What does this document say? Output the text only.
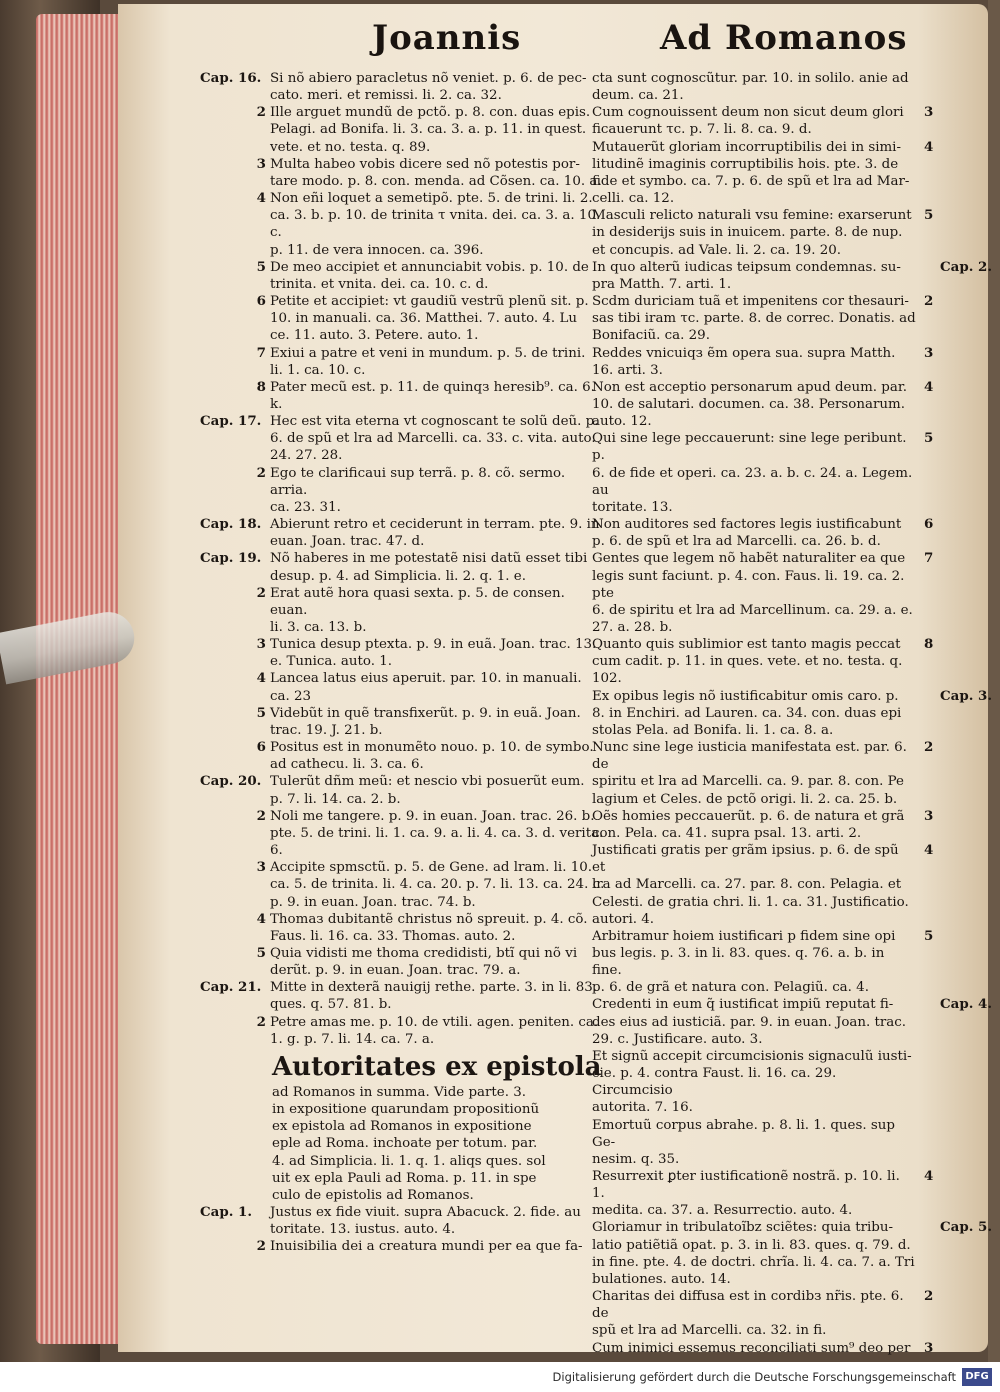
Joannis	Ad Romanos
Cap. 16. Si nõ abiero paracletus nõ veniet. p. 6. de pec-
cato. meri. et remissi. li. 2. ca. 32.
2 Ille arguet mundũ de pctõ. p. 8. con. duas epis.
Pelagi. ad Bonifa. li. 3. ca. 3. a. p. 11. in quest.
vete. et no. testa. q. 89.
3 Multa habeo vobis dicere sed nõ potestis por-
tare modo. p. 8. con. menda. ad Cõsen. ca. 10. a.
4 Non eñi loquet a semetipõ. pte. 5. de trini. li. 2.
ca. 3. b. p. 10. de trinita τ vnita. dei. ca. 3. a. 10. c.
p. 11. de vera innocen. ca. 396.
5 De meo accipiet et annunciabit vobis. p. 10. de
trinita. et vnita. dei. ca. 10. c. d.
6 Petite et accipiet: vt gaudiũ vestrũ plenũ sit. p.
10. in manuali. ca. 36. Matthei. 7. auto. 4. Lu
ce. 11. auto. 3. Petere. auto. 1.
7 Exiui a patre et veni in mundum. p. 5. de trini.
li. 1. ca. 10. c.
8 Pater mecũ est. p. 11. de quinqз heresib⁹. ca. 6. k.
Cap. 17. Hec est vita eterna vt cognoscant te solũ deũ. p.
6. de spũ et lra ad Marcelli. ca. 33. c. vita. auto.
24. 27. 28.
2 Ego te clarificaui sup terrã. p. 8. cõ. sermo. arria.
ca. 23. 31.
Cap. 18. Abierunt retro et ceciderunt in terram. pte. 9. in
euan. Joan. trac. 47. d.
Cap. 19. Nõ haberes in me potestatẽ nisi datũ esset tibi
desup. p. 4. ad Simplicia. li. 2. q. 1. e.
2 Erat autẽ hora quasi sexta. p. 5. de consen. euan.
li. 3. ca. 13. b.
3 Tunica desup ptexta. p. 9. in euã. Joan. trac. 13.
e. Tunica. auto. 1.
4 Lancea latus eius aperuit. par. 10. in manuali.
ca. 23
5 Videbũt in quẽ transfixerũt. p. 9. in euã. Joan.
trac. 19. J. 21. b.
6 Positus est in monumẽto nouo. p. 10. de symbo.
ad cathecu. li. 3. ca. 6.
Cap. 20. Tulerũt dñm meũ: et nescio vbi posuerũt eum.
p. 7. li. 14. ca. 2. b.
2 Noli me tangere. p. 9. in euan. Joan. trac. 26. b.
pte. 5. de trini. li. 1. ca. 9. a. li. 4. ca. 3. d. verita. 6.
3 Accipite spmsctũ. p. 5. de Gene. ad lram. li. 10.
ca. 5. de trinita. li. 4. ca. 20. p. 7. li. 13. ca. 24. c.
p. 9. in euan. Joan. trac. 74. b.
4 Thomaз dubitantẽ christus nõ spreuit. p. 4. cõ.
Faus. li. 16. ca. 33. Thomas. auto. 2.
5 Quia vidisti me thoma credidisti, btĩ qui nõ vi
derũt. p. 9. in euan. Joan. trac. 79. a.
Cap. 21. Mitte in dexterã nauigij rethe. parte. 3. in li. 83.
ques. q. 57. 81. b.
2 Petre amas me. p. 10. de vtili. agen. peniten. ca.
1. g. p. 7. li. 14. ca. 7. a.
Autoritates ex epistola
ad Romanos in summa. Vide parte. 3.
in expositione quarundam propositionũ
ex epistola ad Romanos in expositione
eple ad Roma. inchoate per totum. par.
4. ad Simplicia. li. 1. q. 1. aliqs ques. sol
uit ex epla Pauli ad Roma. p. 11. in spe
culo de epistolis ad Romanos.
Cap. 1. Justus ex fide viuit. supra Abacuck. 2. fide. au
toritate. 13. iustus. auto. 4.
2 Inuisibilia dei a creatura mundi per ea que fa-
cta sunt cognoscũtur. par. 10. in solilo. anie ad
deum. ca. 21.
Cum cognouissent deum non sicut deum glori
ficauerunt τc. p. 7. li. 8. ca. 9. d.
3
Mutauerũt gloriam incorruptibilis dei in simi-
litudinẽ imaginis corruptibilis hois. pte. 3. de
fide et symbo. ca. 7. p. 6. de spũ et lra ad Mar-
celli. ca. 12.
4
Masculi relicto naturali vsu femine: exarserunt
in desiderijs suis in inuicem. parte. 8. de nup.
et concupis. ad Vale. li. 2. ca. 19. 20.
5
In quo alterũ iudicas teipsum condemnas. su-
pra Matth. 7. arti. 1.
Cap. 2.
Scdm duriciam tuã et impenitens cor thesauri-
sas tibi iram τc. parte. 8. de correc. Donatis. ad
Bonifaciũ. ca. 29.
2
Reddes vnicuiqз ẽm opera sua. supra Matth.
16. arti. 3.
3
Non est acceptio personarum apud deum. par.
10. de salutari. documen. ca. 38. Personarum.
auto. 12.
4
Qui sine lege peccauerunt: sine lege peribunt. p.
6. de fide et operi. ca. 23. a. b. c. 24. a. Legem. au
toritate. 13.
5
Non auditores sed factores legis iustificabunt
p. 6. de spũ et lra ad Marcelli. ca. 26. b. d.
6
Gentes que legem nõ habẽt naturaliter ea que
legis sunt faciunt. p. 4. con. Faus. li. 19. ca. 2. pte
6. de spiritu et lra ad Marcellinum. ca. 29. a. e.
27. a. 28. b.
7
Quanto quis sublimior est tanto magis peccat
cum cadit. p. 11. in ques. vete. et no. testa. q. 102.
8
Ex opibus legis nõ iustificabitur omis caro. p.
8. in Enchiri. ad Lauren. ca. 34. con. duas epi
stolas Pela. ad Bonifa. li. 1. ca. 8. a.
Cap. 3.
Nunc sine lege iusticia manifestata est. par. 6. de
spiritu et lra ad Marcelli. ca. 9. par. 8. con. Pe
lagium et Celes. de pctõ origi. li. 2. ca. 25. b.
2
Oẽs homies peccauerũt. p. 6. de natura et grã
con. Pela. ca. 41. supra psal. 13. arti. 2.
3
Justificati gratis per grãm ipsius. p. 6. de spũ et
lra ad Marcelli. ca. 27. par. 8. con. Pelagia. et
Celesti. de gratia chri. li. 1. ca. 31. Justificatio.
autori. 4.
4
Arbitramur hoiem iustificari p fidem sine opi
bus legis. p. 3. in li. 83. ques. q. 76. a. b. in fine.
p. 6. de grã et natura con. Pelagiũ. ca. 4.
5
Credenti in eum q̃ iustificat impiũ reputat fi-
des eius ad iusticiã. par. 9. in euan. Joan. trac.
29. c. Justificare. auto. 3.
Cap. 4.
Et signũ accepit circumcisionis signaculũ iusti-
cie. p. 4. contra Faust. li. 16. ca. 29. Circumcisio
autorita. 7. 16.
Emortuũ corpus abrahe. p. 8. li. 1. ques. sup Ge-
nesim. q. 35.
Resurrexit ꝑter iustificationẽ nostrã. p. 10. li. 1.
medita. ca. 37. a. Resurrectio. auto. 4.
4
Gloriamur in tribulatoĩbz sciẽtes: quia tribu-
latio patiẽtiã opat. p. 3. in li. 83. ques. q. 79. d.
in fine. pte. 4. de doctri. chrĩa. li. 4. ca. 7. a. Tri
bulationes. auto. 14.
Cap. 5.
Charitas dei diffusa est in cordibз nr̃is. pte. 6. de
spũ et lra ad Marcelli. ca. 32. in fi.
2
Cum inimici essemus reconciliati sum⁹ deo per	3
Digitalisierung gefördert durch die Deutsche Forschungsgemeinschaft DFG
